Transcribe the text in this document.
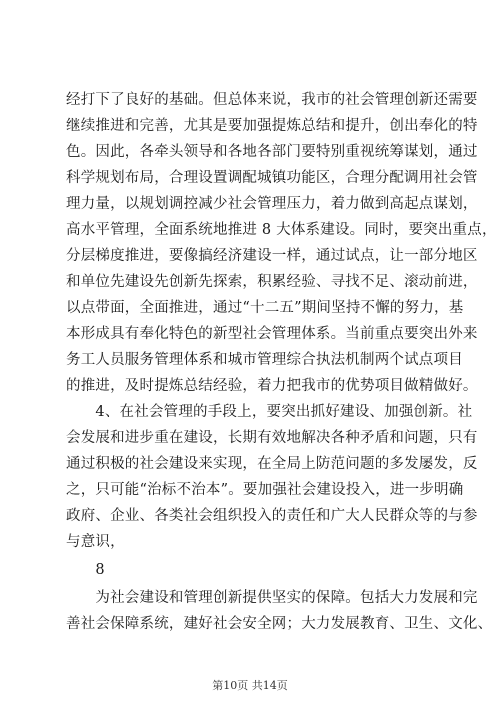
经打下了良好的基础。但总体来说，我市的社会管理创新还需要
继续推进和完善，尤其是要加强提炼总结和提升，创出奉化的特
色。因此，各牵头领导和各地各部门要特别重视统筹谋划，通过
科学规划布局，合理设置调配城镇功能区，合理分配调用社会管
理力量，以规划调控减少社会管理压力，着力做到高起点谋划，
高水平管理，全面系统地推进 8 大体系建设。同时，要突出重点，
分层梯度推进，要像搞经济建设一样，通过试点，让一部分地区
和单位先建设先创新先探索，积累经验、寻找不足、滚动前进，
以点带面，全面推进，通过“十二五”期间坚持不懈的努力，基
本形成具有奉化特色的新型社会管理体系。当前重点要突出外来
务工人员服务管理体系和城市管理综合执法机制两个试点项目
的推进，及时提炼总结经验，着力把我市的优势项目做精做好。
　　4、在社会管理的手段上，要突出抓好建设、加强创新。社
会发展和进步重在建设，长期有效地解决各种矛盾和问题，只有
通过积极的社会建设来实现，在全局上防范问题的多发屡发，反
之，只可能“治标不治本”。要加强社会建设投入，进一步明确
政府、企业、各类社会组织投入的责任和广大人民群众等的与参
与意识，
　　8
　　为社会建设和管理创新提供坚实的保障。包括大力发展和完
善社会保障系统，建好社会安全网；大力发展教育、卫生、文化、
第10页 共14页
